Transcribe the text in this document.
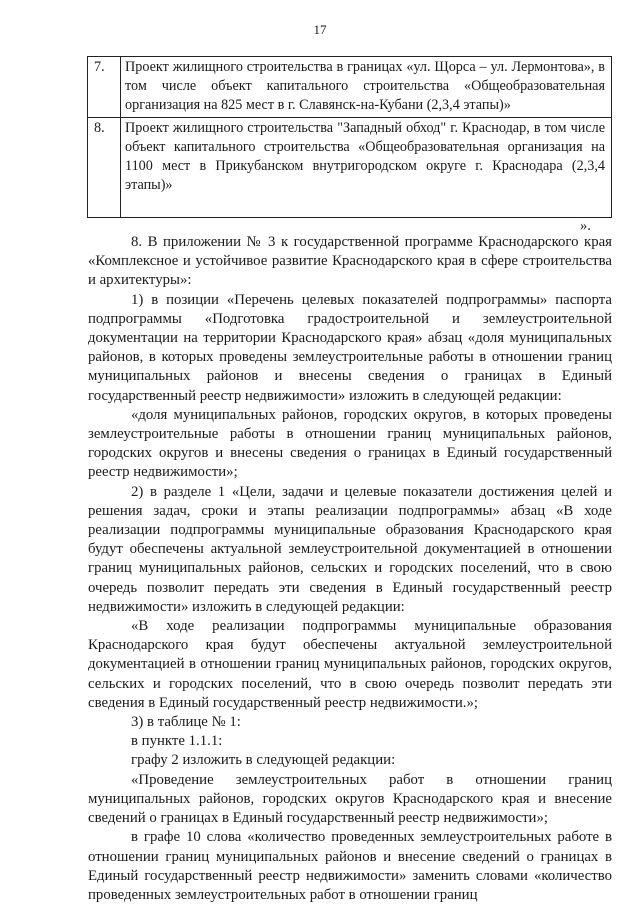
17
7.	Проект жилищного строительства в границах «ул. Щорса – ул. Лермонтова», в том числе объект капитального строительства «Общеобразовательная организация на 825 мест в г. Славянск-на-Кубани (2,3,4 этапы)»
8.	Проект жилищного строительства "Западный обход" г. Краснодар, в том числе объект капитального строительства «Общеобразовательная организация на 1100 мест в Прикубанском внутригородском округе г. Краснодара (2,3,4 этапы)»
».

8. В приложении № 3 к государственной программе Краснодарского края «Комплексное и устойчивое развитие Краснодарского края в сфере строительства и архитектуры»:

1) в позиции «Перечень целевых показателей подпрограммы» паспорта подпрограммы «Подготовка градостроительной и землеустроительной документации на территории Краснодарского края» абзац «доля муниципальных районов, в которых проведены землеустроительные работы в отношении границ муниципальных районов и внесены сведения о границах в Единый государственный реестр недвижимости» изложить в следующей редакции:

«доля муниципальных районов, городских округов, в которых проведены землеустроительные работы в отношении границ муниципальных районов, городских округов и внесены сведения о границах в Единый государственный реестр недвижимости»;

2) в разделе 1 «Цели, задачи и целевые показатели достижения целей и решения задач, сроки и этапы реализации подпрограммы» абзац «В ходе реализации подпрограммы муниципальные образования Краснодарского края будут обеспечены актуальной землеустроительной документацией в отношении границ муниципальных районов, сельских и городских поселений, что в свою очередь позволит передать эти сведения в Единый государственный реестр недвижимости» изложить в следующей редакции:

«В ходе реализации подпрограммы муниципальные образования Краснодарского края будут обеспечены актуальной землеустроительной документацией в отношении границ муниципальных районов, городских округов, сельских и городских поселений, что в свою очередь позволит передать эти сведения в Единый государственный реестр недвижимости.»;

3) в таблице № 1:

в пункте 1.1.1:

графу 2 изложить в следующей редакции:

«Проведение землеустроительных работ в отношении границ муниципальных районов, городских округов Краснодарского края и внесение сведений о границах в Единый государственный реестр недвижимости»;

в графе 10 слова «количество проведенных землеустроительных работе в отношении границ муниципальных районов и внесение сведений о границах в Единый государственный реестр недвижимости» заменить словами «количество проведенных землеустроительных работ в отношении границ
